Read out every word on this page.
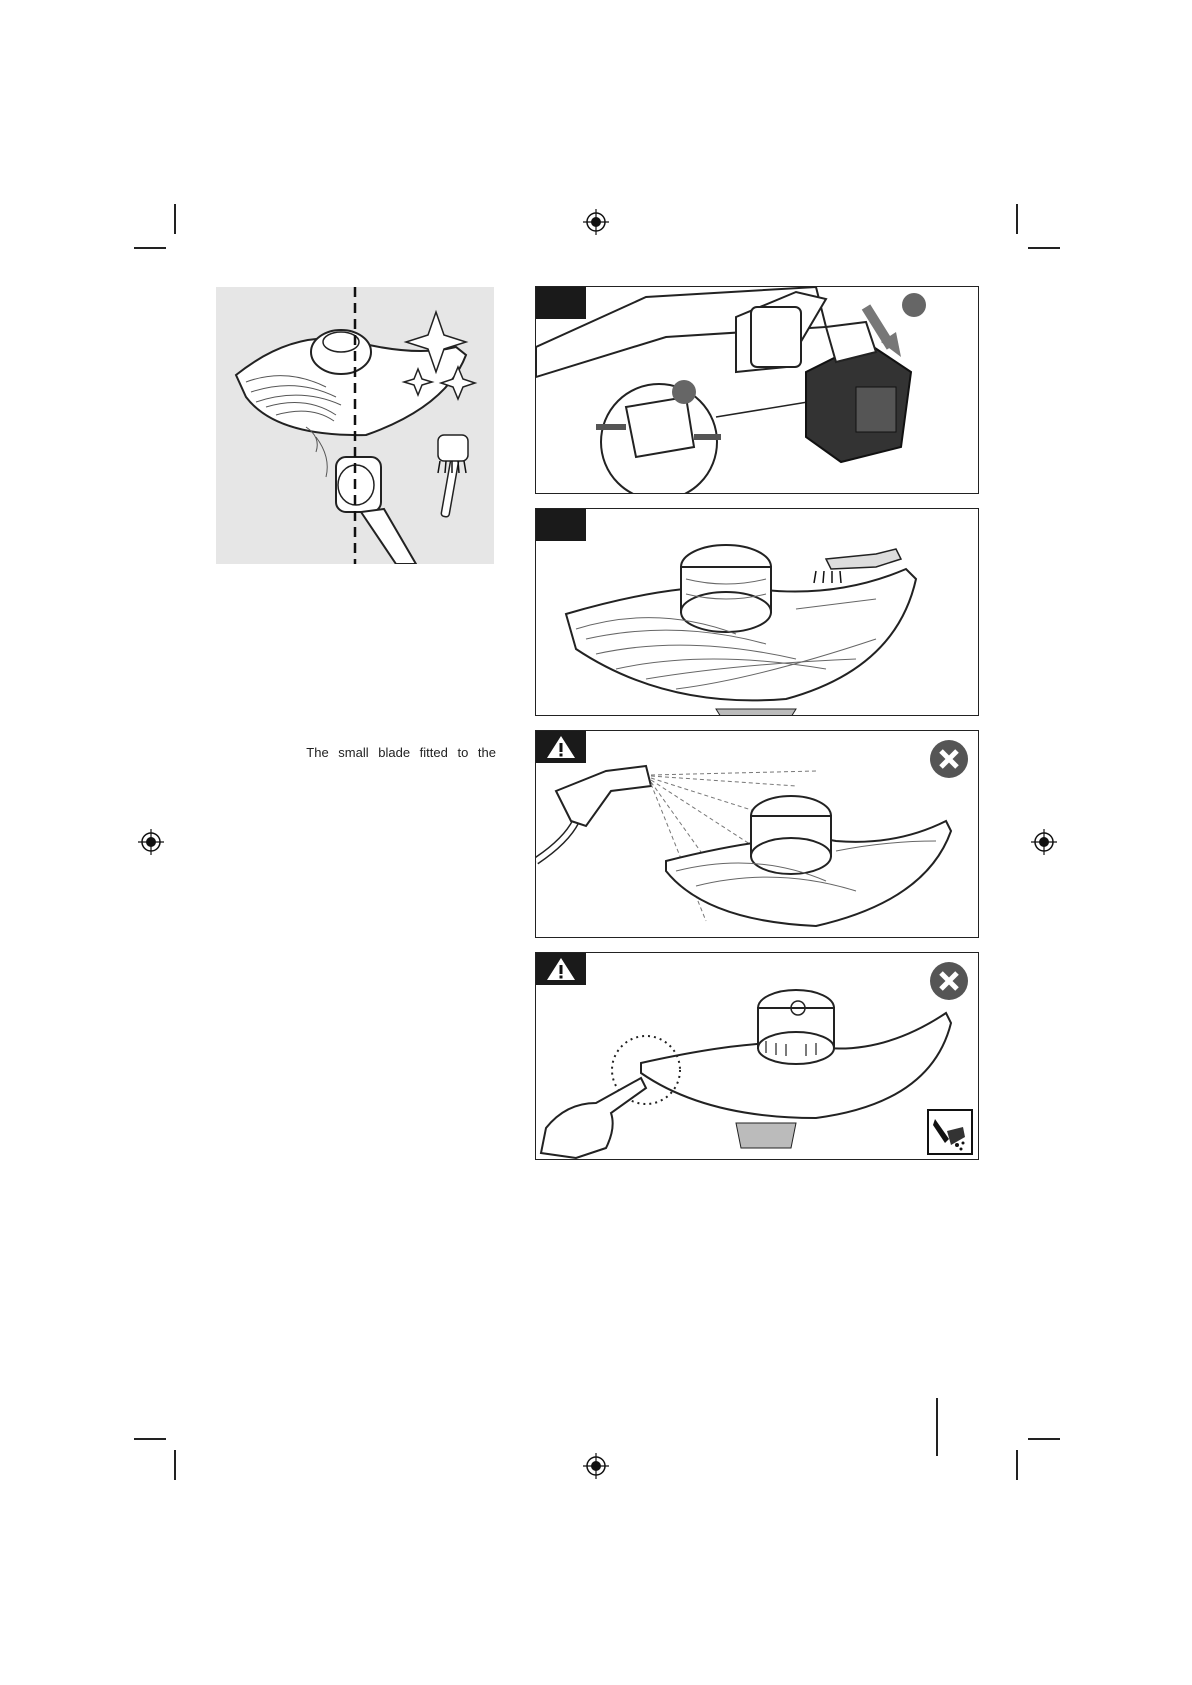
The small blade fitted to the
